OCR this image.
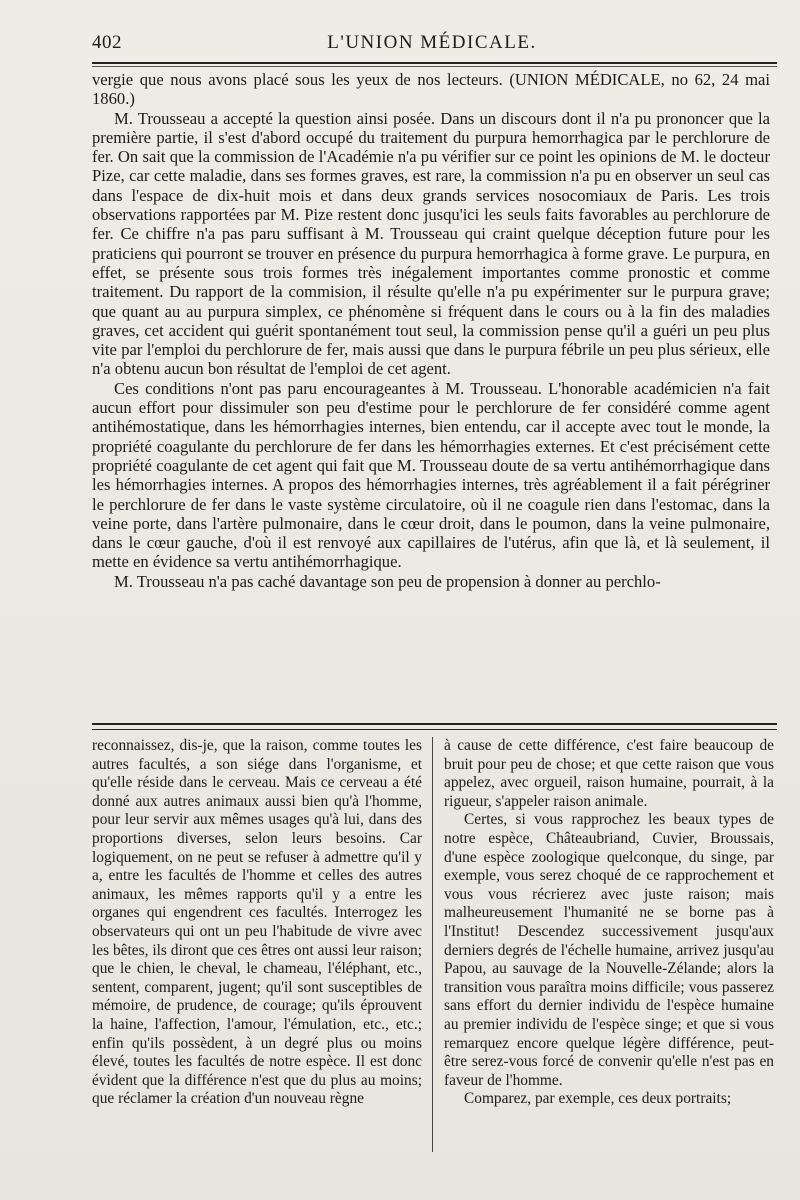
402	L'UNION MÉDICALE.

vergie que nous avons placé sous les yeux de nos lecteurs. (UNION MÉDICALE, no 62, 24 mai 1860.)

M. Trousseau a accepté la question ainsi posée. Dans un discours dont il n'a pu prononcer que la première partie, il s'est d'abord occupé du traitement du purpura hemorrhagica par le perchlorure de fer. On sait que la commission de l'Académie n'a pu vérifier sur ce point les opinions de M. le docteur Pize, car cette maladie, dans ses formes graves, est rare, la commission n'a pu en observer un seul cas dans l'espace de dix-huit mois et dans deux grands services nosocomiaux de Paris. Les trois observations rapportées par M. Pize restent donc jusqu'ici les seuls faits favorables au perchlorure de fer. Ce chiffre n'a pas paru suffisant à M. Trousseau qui craint quelque déception future pour les praticiens qui pourront se trouver en présence du purpura hemorrhagica à forme grave. Le purpura, en effet, se présente sous trois formes très inégalement importantes comme pronostic et comme traitement. Du rapport de la commision, il résulte qu'elle n'a pu expérimenter sur le purpura grave; que quant au au purpura simplex, ce phénomène si fréquent dans le cours ou à la fin des maladies graves, cet accident qui guérit spontanément tout seul, la commission pense qu'il a guéri un peu plus vite par l'emploi du perchlorure de fer, mais aussi que dans le purpura fébrile un peu plus sérieux, elle n'a obtenu aucun bon résultat de l'emploi de cet agent.

Ces conditions n'ont pas paru encourageantes à M. Trousseau. L'honorable académicien n'a fait aucun effort pour dissimuler son peu d'estime pour le perchlorure de fer considéré comme agent antihémostatique, dans les hémorrhagies internes, bien entendu, car il accepte avec tout le monde, la propriété coagulante du perchlorure de fer dans les hémorrhagies externes. Et c'est précisément cette propriété coagulante de cet agent qui fait que M. Trousseau doute de sa vertu antihémorrhagique dans les hémorrhagies internes. A propos des hémorrhagies internes, très agréablement il a fait pérégriner le perchlorure de fer dans le vaste système circulatoire, où il ne coagule rien dans l'estomac, dans la veine porte, dans l'artère pulmonaire, dans le cœur droit, dans le poumon, dans la veine pulmonaire, dans le cœur gauche, d'où il est renvoyé aux capillaires de l'utérus, afin que là, et là seulement, il mette en évidence sa vertu antihémorrhagique.

M. Trousseau n'a pas caché davantage son peu de propension à donner au perchlo-

reconnaissez, dis-je, que la raison, comme toutes les autres facultés, a son siége dans l'organisme, et qu'elle réside dans le cerveau. Mais ce cerveau a été donné aux autres animaux aussi bien qu'à l'homme, pour leur servir aux mêmes usages qu'à lui, dans des proportions diverses, selon leurs besoins. Car logiquement, on ne peut se refuser à admettre qu'il y a, entre les facultés de l'homme et celles des autres animaux, les mêmes rapports qu'il y a entre les organes qui engendrent ces facultés. Interrogez les observateurs qui ont un peu l'habitude de vivre avec les bêtes, ils diront que ces êtres ont aussi leur raison; que le chien, le cheval, le chameau, l'éléphant, etc., sentent, comparent, jugent; qu'il sont susceptibles de mémoire, de prudence, de courage; qu'ils éprouvent la haine, l'affection, l'amour, l'émulation, etc., etc.; enfin qu'ils possèdent, à un degré plus ou moins élevé, toutes les facultés de notre espèce. Il est donc évident que la différence n'est que du plus au moins; que réclamer la création d'un nouveau règne

à cause de cette différence, c'est faire beaucoup de bruit pour peu de chose; et que cette raison que vous appelez, avec orgueil, raison humaine, pourrait, à la rigueur, s'appeler raison animale.

Certes, si vous rapprochez les beaux types de notre espèce, Châteaubriand, Cuvier, Broussais, d'une espèce zoologique quelconque, du singe, par exemple, vous serez choqué de ce rapprochement et vous vous récrierez avec juste raison; mais malheureusement l'humanité ne se borne pas à l'Institut! Descendez successivement jusqu'aux derniers degrés de l'échelle humaine, arrivez jusqu'au Papou, au sauvage de la Nouvelle-Zélande; alors la transition vous paraîtra moins difficile; vous passerez sans effort du dernier individu de l'espèce humaine au premier individu de l'espèce singe; et que si vous remarquez encore quelque légère différence, peut-être serez-vous forcé de convenir qu'elle n'est pas en faveur de l'homme.

Comparez, par exemple, ces deux portraits;
